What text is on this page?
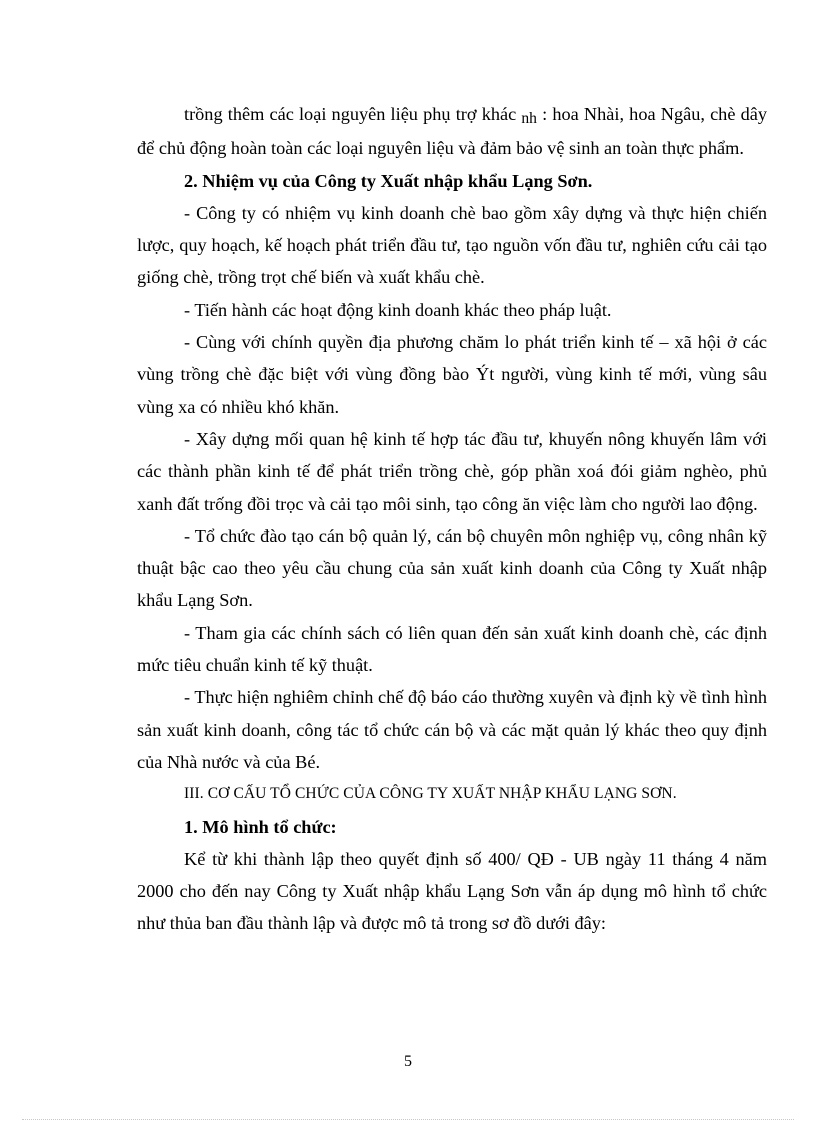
trồng thêm các loại nguyên liệu phụ trợ khác nh : hoa Nhài, hoa Ngâu, chè dây để chủ động hoàn toàn các loại nguyên liệu và đảm bảo vệ sinh an toàn thực phẩm.

2. Nhiệm vụ của Công ty Xuất nhập khẩu Lạng Sơn.

- Công ty có nhiệm vụ kinh doanh chè bao gồm xây dựng và thực hiện chiến lược, quy hoạch, kế hoạch phát triển đầu tư, tạo nguồn vốn đầu tư, nghiên cứu cải tạo giống chè, trồng trọt chế biến và xuất khẩu chè.

- Tiến hành các hoạt động kinh doanh khác theo pháp luật.

- Cùng với chính quyền địa phương chăm lo phát triển kinh tế – xã hội ở các vùng trồng chè đặc biệt với vùng đồng bào Ýt người, vùng kinh tế mới, vùng sâu vùng xa có nhiều khó khăn.

- Xây dựng mối quan hệ kinh tế hợp tác đầu tư, khuyến nông khuyến lâm với các thành phần kinh tế để phát triển trồng chè, góp phần xoá đói giảm nghèo, phủ xanh đất trống đồi trọc và cải tạo môi sinh, tạo công ăn việc làm cho người lao động.

- Tổ chức đào tạo cán bộ quản lý, cán bộ chuyên môn nghiệp vụ, công nhân kỹ thuật bậc cao theo yêu cầu chung của sản xuất kinh doanh của Công ty Xuất nhập khẩu Lạng Sơn.

- Tham gia các chính sách có liên quan đến sản xuất kinh doanh chè, các định mức tiêu chuẩn kinh tế kỹ thuật.

- Thực hiện nghiêm chỉnh chế độ báo cáo thường xuyên và định kỳ về tình hình sản xuất kinh doanh, công tác tổ chức cán bộ và các mặt quản lý khác theo quy định của Nhà nước và của Bé.

III. CƠ CẤU TỔ CHỨC CỦA CÔNG TY XUẤT NHẬP KHẨU LẠNG SƠN.

1. Mô hình tổ chức:

Kể từ khi thành lập theo quyết định số 400/ QĐ - UB ngày 11 tháng 4 năm 2000 cho đến nay Công ty Xuất nhập khẩu Lạng Sơn vẫn áp dụng mô hình tổ chức như thủa ban đầu thành lập và được mô tả trong sơ đồ dưới đây:

5
